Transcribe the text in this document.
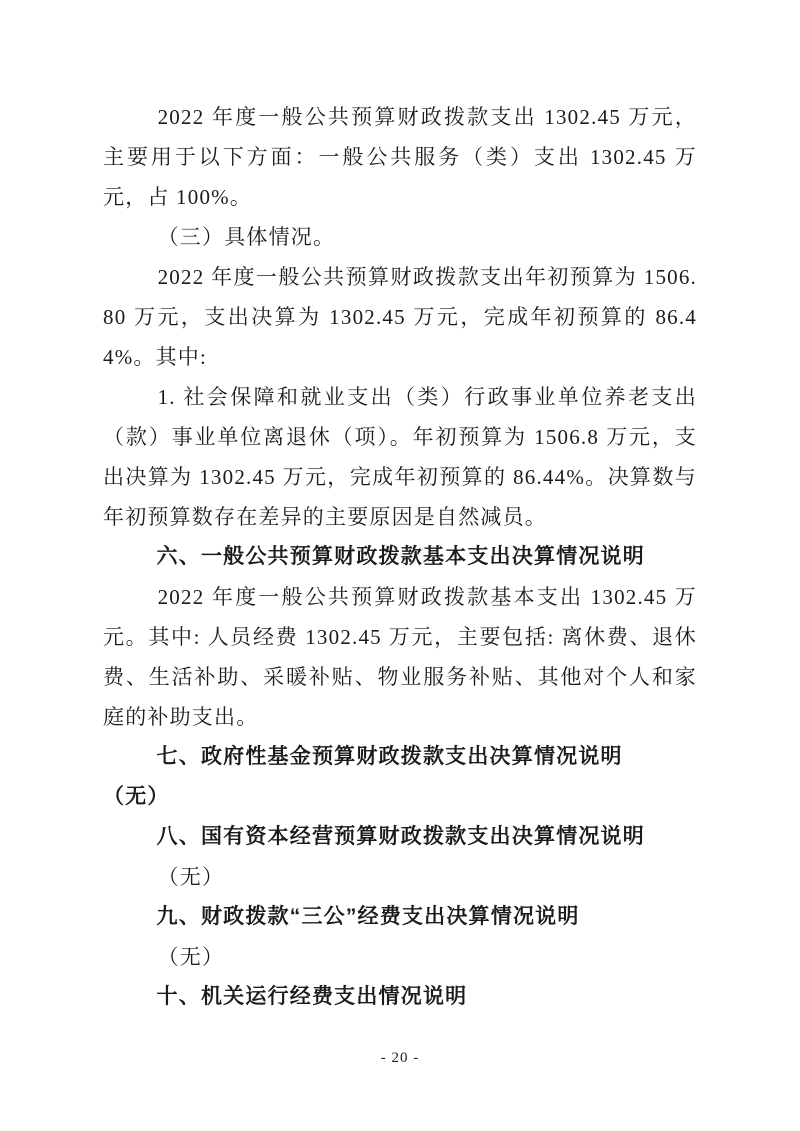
2022 年度一般公共预算财政拨款支出 1302.45 万元，主要用于以下方面：一般公共服务（类）支出 1302.45 万元，占 100%。

（三）具体情况。

2022 年度一般公共预算财政拨款支出年初预算为 1506.80 万元，支出决算为 1302.45 万元，完成年初预算的 86.44%。其中:

1. 社会保障和就业支出（类）行政事业单位养老支出（款）事业单位离退休（项）。年初预算为 1506.8 万元，支出决算为 1302.45 万元，完成年初预算的 86.44%。决算数与年初预算数存在差异的主要原因是自然减员。

六、一般公共预算财政拨款基本支出决算情况说明

2022 年度一般公共预算财政拨款基本支出 1302.45 万元。其中: 人员经费 1302.45 万元，主要包括: 离休费、退休费、生活补助、采暖补贴、物业服务补贴、其他对个人和家庭的补助支出。

七、政府性基金预算财政拨款支出决算情况说明

（无）

八、国有资本经营预算财政拨款支出决算情况说明

（无）

九、财政拨款“三公”经费支出决算情况说明

（无）

十、机关运行经费支出情况说明

- 20 -
